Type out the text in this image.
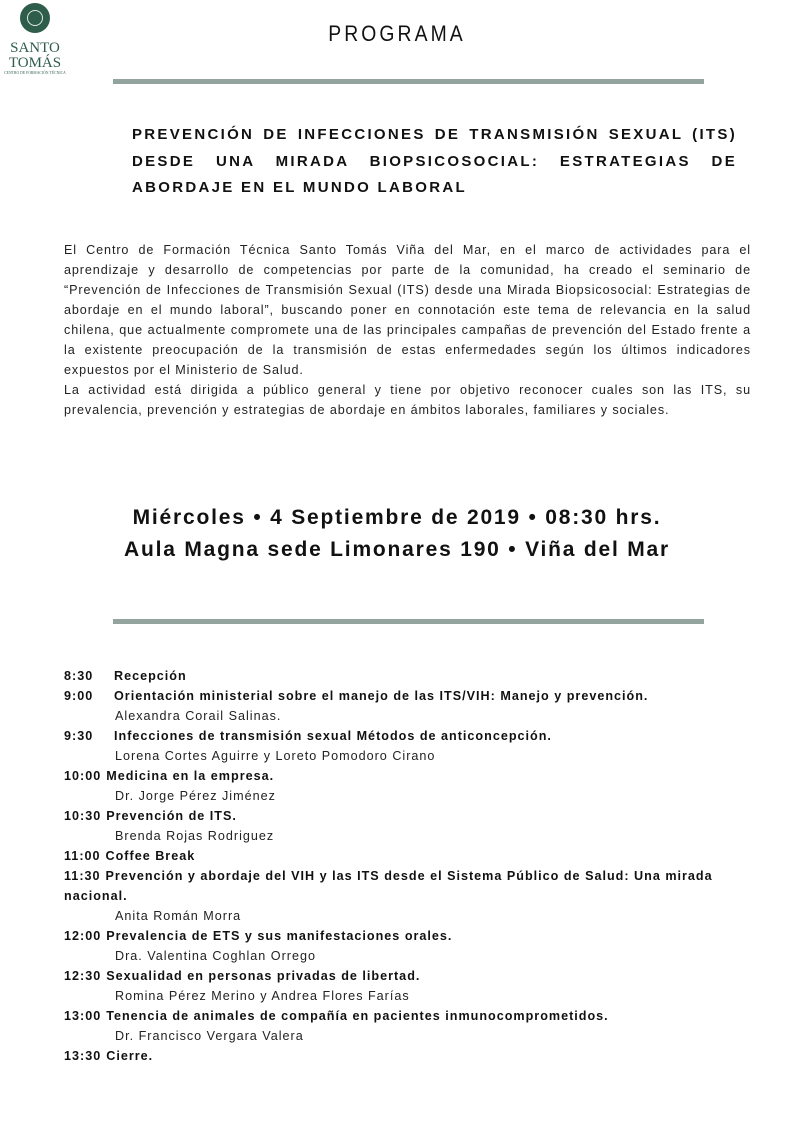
SANTO
TOMÁS
CENTRO DE FORMACIÓN TÉCNICA
PROGRAMA
PREVENCIÓN DE INFECCIONES DE TRANSMISIÓN SEXUAL (ITS) DESDE UNA MIRADA BIOPSICOSOCIAL: ESTRATEGIAS DE ABORDAJE EN EL MUNDO LABORAL

El Centro de Formación Técnica Santo Tomás Viña del Mar, en el marco de actividades para el aprendizaje y desarrollo de competencias por parte de la comunidad, ha creado el seminario de “Prevención de Infecciones de Transmisión Sexual (ITS) desde una Mirada Biopsicosocial: Estrategias de abordaje en el mundo laboral”, buscando poner en connotación este tema de relevancia en la salud chilena, que actualmente compromete una de las principales campañas de prevención del Estado frente a la existente preocupación de la transmisión de estas enfermedades según los últimos indicadores expuestos por el Ministerio de Salud.

La actividad está dirigida a público general y tiene por objetivo reconocer cuales son las ITS, su prevalencia, prevención y estrategias de abordaje en ámbitos laborales, familiares y sociales.

Miércoles • 4 Septiembre de 2019 • 08:30 hrs.
Aula Magna sede Limonares 190 • Viña del Mar
8:30 Recepción
9:00 Orientación ministerial sobre el manejo de las ITS/VIH: Manejo y prevención.
Alexandra Corail Salinas.
9:30 Infecciones de transmisión sexual Métodos de anticoncepción.
Lorena Cortes Aguirre y Loreto Pomodoro Cirano
10:00 Medicina en la empresa.
Dr. Jorge Pérez Jiménez
10:30 Prevención de ITS.
Brenda Rojas Rodriguez
11:00 Coffee Break
11:30 Prevención y abordaje del VIH y las ITS desde el Sistema Público de Salud: Una mirada nacional.
Anita Román Morra
12:00 Prevalencia de ETS y sus manifestaciones orales.
Dra. Valentina Coghlan Orrego
12:30 Sexualidad en personas privadas de libertad.
Romina Pérez Merino y Andrea Flores Farías
13:00 Tenencia de animales de compañía en pacientes inmunocomprometidos.
Dr. Francisco Vergara Valera
13:30 Cierre.
